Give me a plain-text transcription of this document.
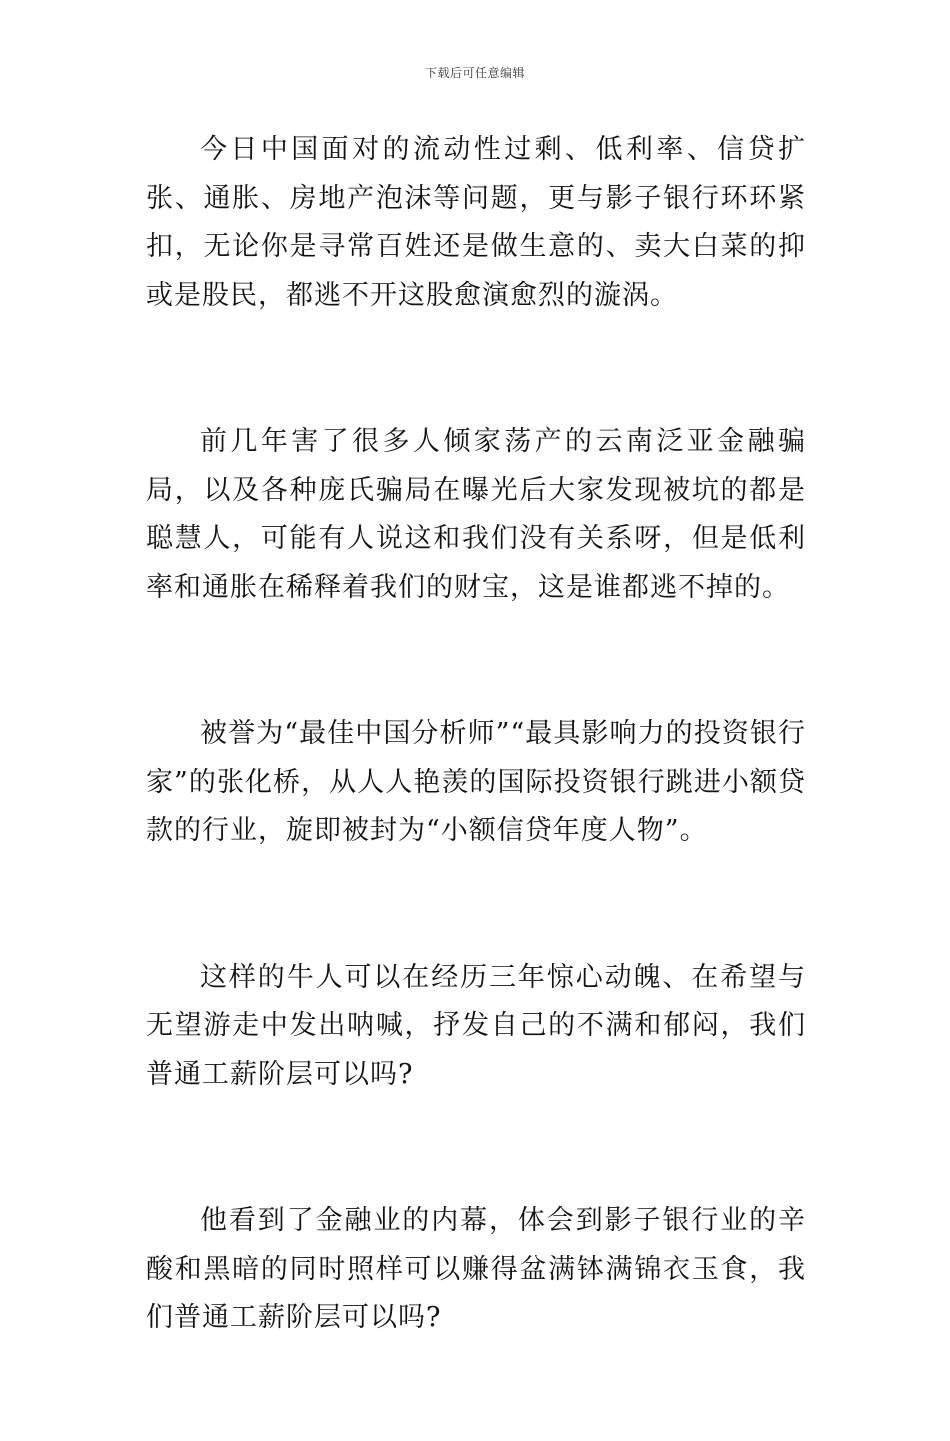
下载后可任意编辑

今日中国面对的流动性过剩、低利率、信贷扩张、通胀、房地产泡沫等问题，更与影子银行环环紧扣，无论你是寻常百姓还是做生意的、卖大白菜的抑或是股民，都逃不开这股愈演愈烈的漩涡。

前几年害了很多人倾家荡产的云南泛亚金融骗局，以及各种庞氏骗局在曝光后大家发现被坑的都是聪慧人，可能有人说这和我们没有关系呀，但是低利率和通胀在稀释着我们的财宝，这是谁都逃不掉的。

被誉为“最佳中国分析师”“最具影响力的投资银行家”的张化桥，从人人艳羡的国际投资银行跳进小额贷款的行业，旋即被封为“小额信贷年度人物”。

这样的牛人可以在经历三年惊心动魄、在希望与无望游走中发出呐喊，抒发自己的不满和郁闷，我们普通工薪阶层可以吗?

他看到了金融业的内幕，体会到影子银行业的辛酸和黑暗的同时照样可以赚得盆满钵满锦衣玉食，我们普通工薪阶层可以吗?
